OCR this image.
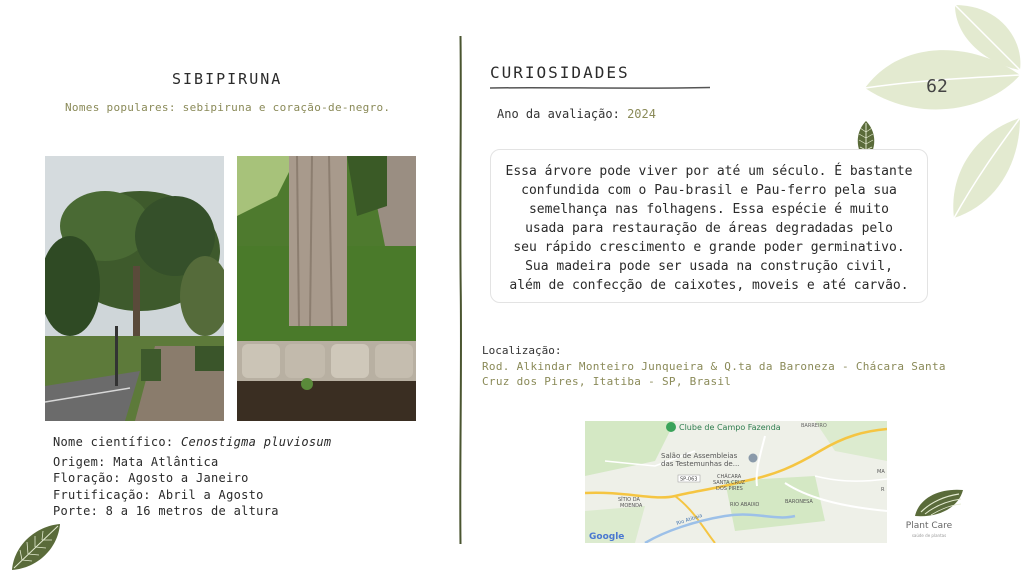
62
SIBIPIRUNA
Nomes populares: sebipiruna e coração-de-negro.
Nome científico: Cenostigma pluviosum
Origem: Mata Atlântica
Floração: Agosto a Janeiro
Frutificação: Abril a Agosto
Porte: 8 a 16 metros de altura
CURIOSIDADES
Ano da avaliação: 2024
Essa árvore pode viver por até um século. É bastante
confundida com o Pau-brasil e Pau-ferro pela sua
semelhança nas folhagens. Essa espécie é muito
usada para restauração de áreas degradadas pelo
seu rápido crescimento e grande poder germinativo.
Sua madeira pode ser usada na construção civil,
além de confecção de caixotes, moveis e até carvão.
Localização:
Rod. Alkindar Monteiro Junqueira & Q.ta da Baroneza - Chácara Santa Cruz dos Pires, Itatiba - SP, Brasil
Clube de Campo Fazenda
Salão de Assembleias
das Testemunhas de...
BARREIRO
SP-063	CHÁCARA
SANTA CRUZ
DOS PIRES
SÍTIO DA
MOENDA	RIO ABAIXO	BARONESA
Rio Atibaia
MA
R
Google
Plant Care
saúde de plantas
